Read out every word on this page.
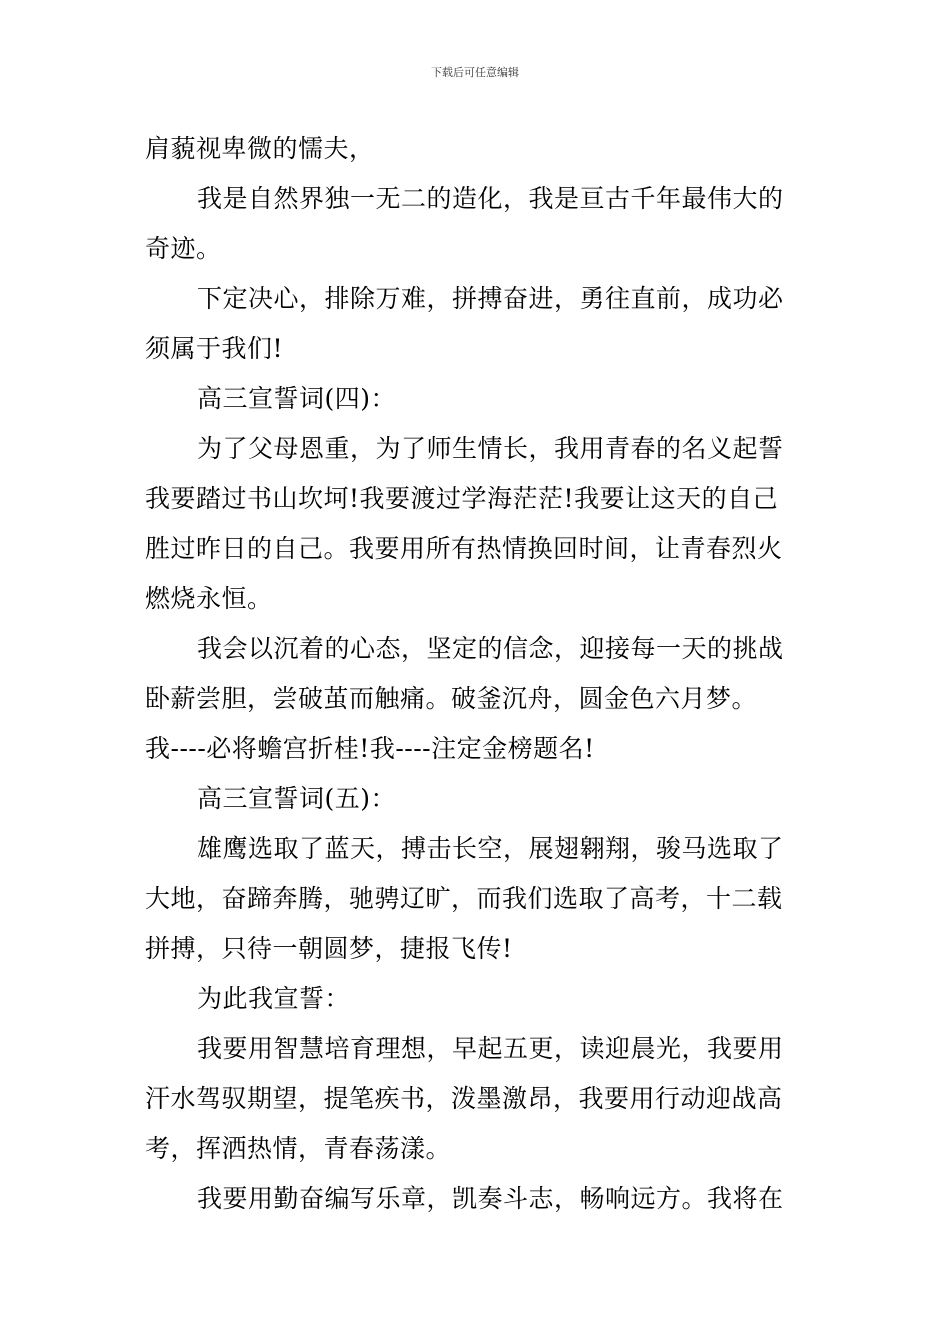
下载后可任意编辑
肩藐视卑微的懦夫，
我是自然界独一无二的造化，我是亘古千年最伟大的
奇迹。
下定决心，排除万难，拼搏奋进，勇往直前，成功必
须属于我们!
高三宣誓词(四)：
为了父母恩重，为了师生情长，我用青春的名义起誓
我要踏过书山坎坷!我要渡过学海茫茫!我要让这天的自己
胜过昨日的自己。我要用所有热情换回时间，让青春烈火
燃烧永恒。
我会以沉着的心态，坚定的信念，迎接每一天的挑战
卧薪尝胆，尝破茧而触痛。破釜沉舟，圆金色六月梦。
我----必将蟾宫折桂!我----注定金榜题名!
高三宣誓词(五)：
雄鹰选取了蓝天，搏击长空，展翅翱翔，骏马选取了
大地，奋蹄奔腾，驰骋辽旷，而我们选取了高考，十二载
拼搏，只待一朝圆梦，捷报飞传!
为此我宣誓：
我要用智慧培育理想，早起五更，读迎晨光，我要用
汗水驾驭期望，提笔疾书，泼墨激昂，我要用行动迎战高
考，挥洒热情，青春荡漾。
我要用勤奋编写乐章，凯奏斗志，畅响远方。我将在
